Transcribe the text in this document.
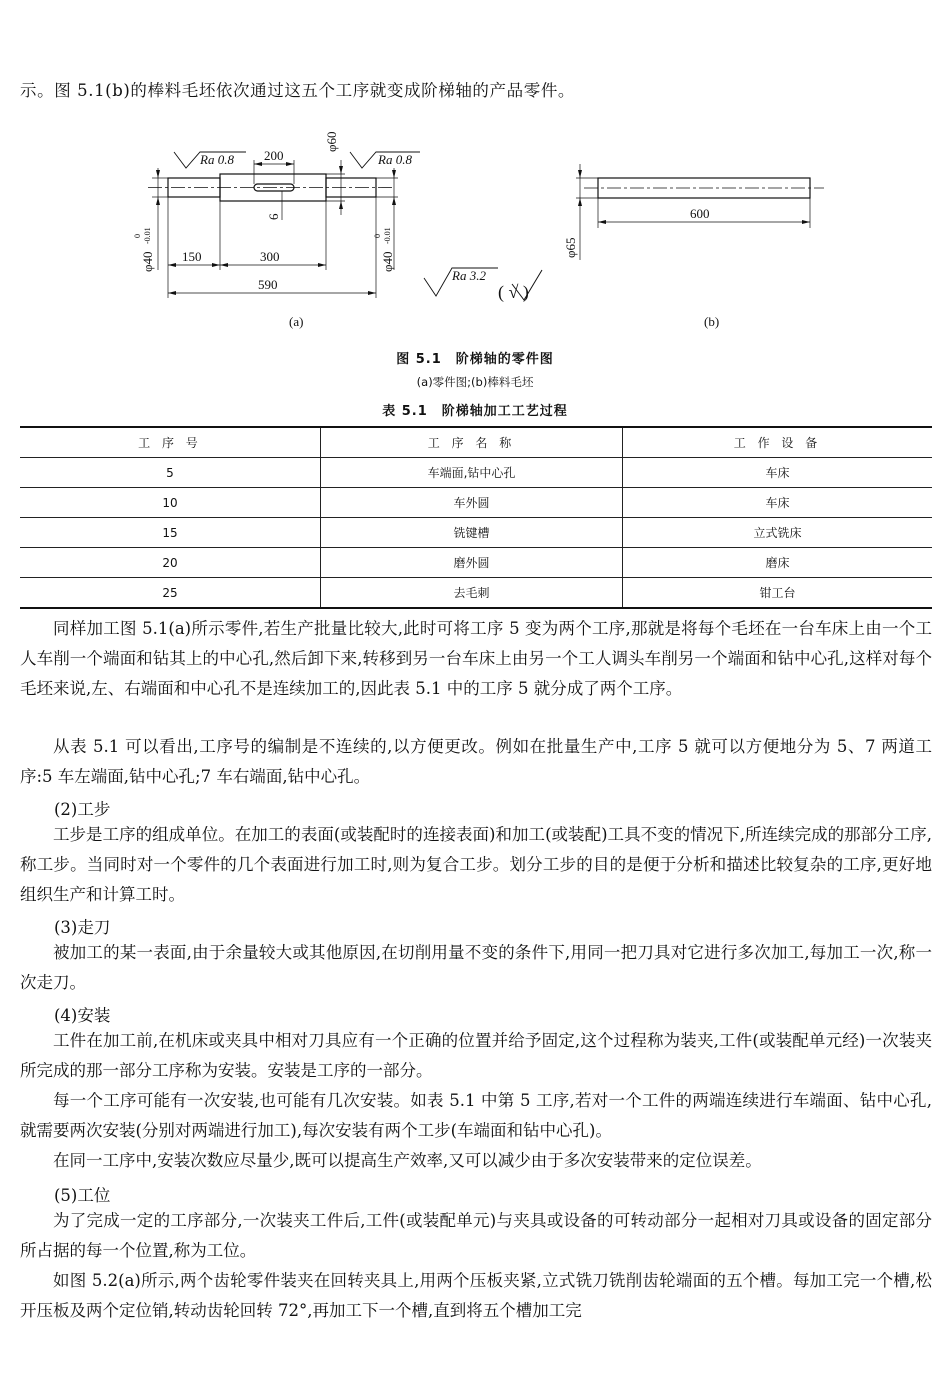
示。图 5.1(b)的棒料毛坯依次通过这五个工序就变成阶梯轴的产品零件。
Ra 0.8	Ra 0.8
Ra 3.2
( √ )
200
φ60
6
150	300
590
φ40
0 -0.01
φ40
0 -0.01
(a)
600
φ65
(b)
图 5.1　阶梯轴的零件图
(a)零件图;(b)棒料毛坯
表 5.1　阶梯轴加工工艺过程
工 序 号	工 序 名 称	工 作 设 备
5	车端面,钻中心孔	车床
10	车外圆	车床
15	铣键槽	立式铣床
20	磨外圆	磨床
25	去毛刺	钳工台

同样加工图 5.1(a)所示零件,若生产批量比较大,此时可将工序 5 变为两个工序,那就是将每个毛坯在一台车床上由一个工人车削一个端面和钻其上的中心孔,然后卸下来,转移到另一台车床上由另一个工人调头车削另一个端面和钻中心孔,这样对每个毛坯来说,左、右端面和中心孔不是连续加工的,因此表 5.1 中的工序 5 就分成了两个工序。

从表 5.1 可以看出,工序号的编制是不连续的,以方便更改。例如在批量生产中,工序 5 就可以方便地分为 5、7 两道工序:5 车左端面,钻中心孔;7 车右端面,钻中心孔。

(2)工步

工步是工序的组成单位。在加工的表面(或装配时的连接表面)和加工(或装配)工具不变的情况下,所连续完成的那部分工序,称工步。当同时对一个零件的几个表面进行加工时,则为复合工步。划分工步的目的是便于分析和描述比较复杂的工序,更好地组织生产和计算工时。

(3)走刀

被加工的某一表面,由于余量较大或其他原因,在切削用量不变的条件下,用同一把刀具对它进行多次加工,每加工一次,称一次走刀。

(4)安装

工件在加工前,在机床或夹具中相对刀具应有一个正确的位置并给予固定,这个过程称为装夹,工件(或装配单元经)一次装夹所完成的那一部分工序称为安装。安装是工序的一部分。

每一个工序可能有一次安装,也可能有几次安装。如表 5.1 中第 5 工序,若对一个工件的两端连续进行车端面、钻中心孔,就需要两次安装(分别对两端进行加工),每次安装有两个工步(车端面和钻中心孔)。

在同一工序中,安装次数应尽量少,既可以提高生产效率,又可以减少由于多次安装带来的定位误差。

(5)工位

为了完成一定的工序部分,一次装夹工件后,工件(或装配单元)与夹具或设备的可转动部分一起相对刀具或设备的固定部分所占据的每一个位置,称为工位。

如图 5.2(a)所示,两个齿轮零件装夹在回转夹具上,用两个压板夹紧,立式铣刀铣削齿轮端面的五个槽。每加工完一个槽,松开压板及两个定位销,转动齿轮回转 72°,再加工下一个槽,直到将五个槽加工完
